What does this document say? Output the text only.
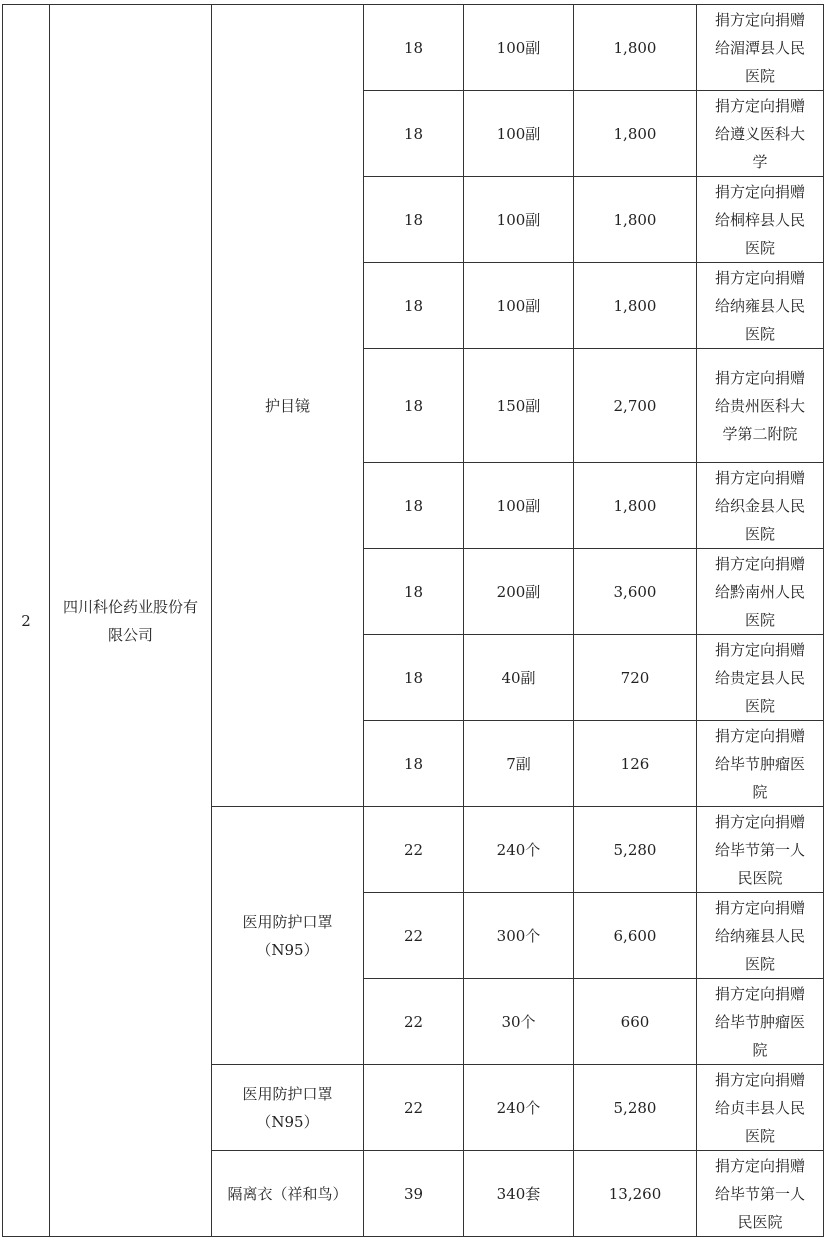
2	四川科伦药业股份有限公司	护目镜	18	100副	1,800	捐方定向捐赠给湄潭县人民医院
			18	100副	1,800	捐方定向捐赠给遵义医科大学
			18	100副	1,800	捐方定向捐赠给桐梓县人民医院
			18	100副	1,800	捐方定向捐赠给纳雍县人民医院
			18	150副	2,700	捐方定向捐赠给贵州医科大学第二附院
			18	100副	1,800	捐方定向捐赠给织金县人民医院
			18	200副	3,600	捐方定向捐赠给黔南州人民医院
			18	40副	720	捐方定向捐赠给贵定县人民医院
			18	7副	126	捐方定向捐赠给毕节肿瘤医院
		医用防护口罩（N95）	22	240个	5,280	捐方定向捐赠给毕节第一人民医院
			22	300个	6,600	捐方定向捐赠给纳雍县人民医院
			22	30个	660	捐方定向捐赠给毕节肿瘤医院
		医用防护口罩（N95）	22	240个	5,280	捐方定向捐赠给贞丰县人民医院
		隔离衣（祥和鸟）	39	340套	13,260	捐方定向捐赠给毕节第一人民医院
